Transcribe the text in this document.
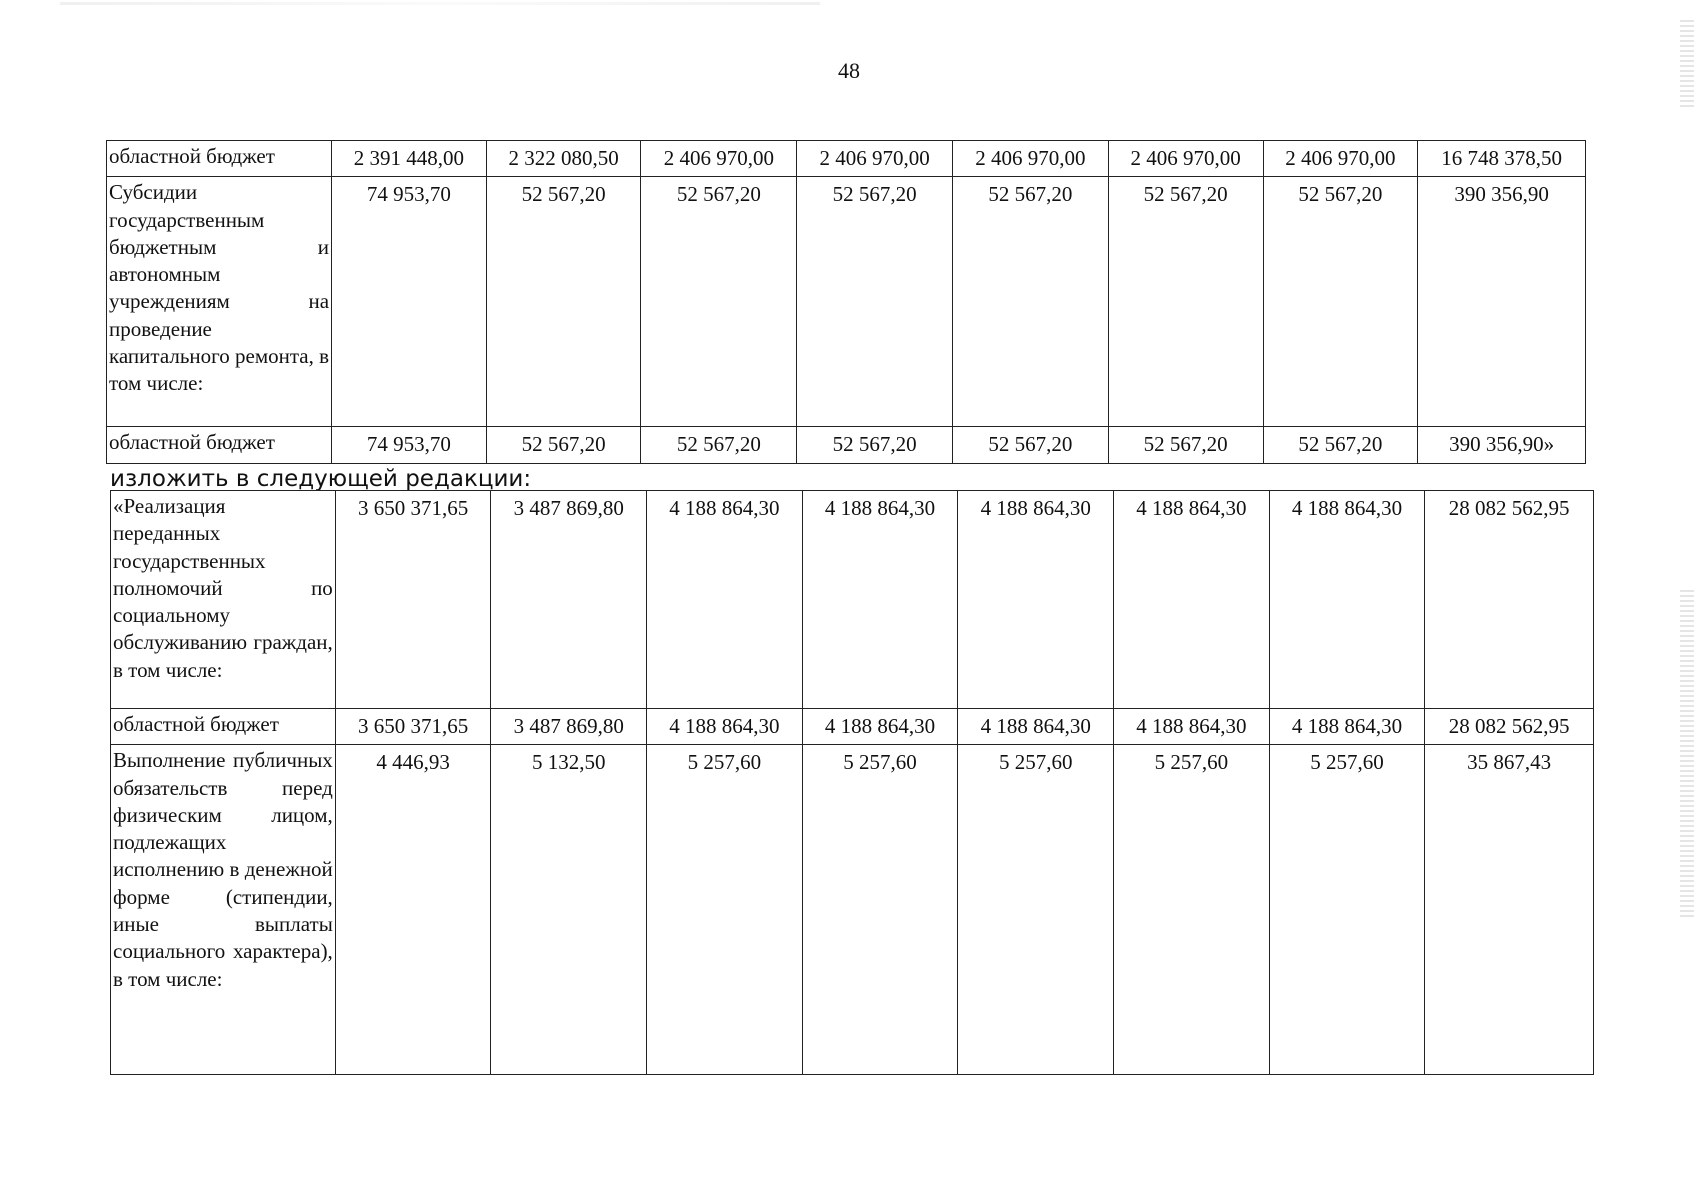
48
областной бюджет	2 391 448,00	2 322 080,50	2 406 970,00	2 406 970,00	2 406 970,00	2 406 970,00	2 406 970,00	16 748 378,50
Субсидии государственным бюджетным и автономным учреждениям на проведение капитального ремонта, в том числе:	74 953,70	52 567,20	52 567,20	52 567,20	52 567,20	52 567,20	52 567,20	390 356,90
областной бюджет	74 953,70	52 567,20	52 567,20	52 567,20	52 567,20	52 567,20	52 567,20	390 356,90»
изложить в следующей редакции:
«Реализация переданных государственных полномочий по социальному обслуживанию граждан, в том числе:	3 650 371,65	3 487 869,80	4 188 864,30	4 188 864,30	4 188 864,30	4 188 864,30	4 188 864,30	28 082 562,95
областной бюджет	3 650 371,65	3 487 869,80	4 188 864,30	4 188 864,30	4 188 864,30	4 188 864,30	4 188 864,30	28 082 562,95
Выполнение публичных обязательств перед физическим лицом, подлежащих исполнению в денежной форме (стипендии, иные выплаты социального характера), в том числе:	4 446,93	5 132,50	5 257,60	5 257,60	5 257,60	5 257,60	5 257,60	35 867,43
